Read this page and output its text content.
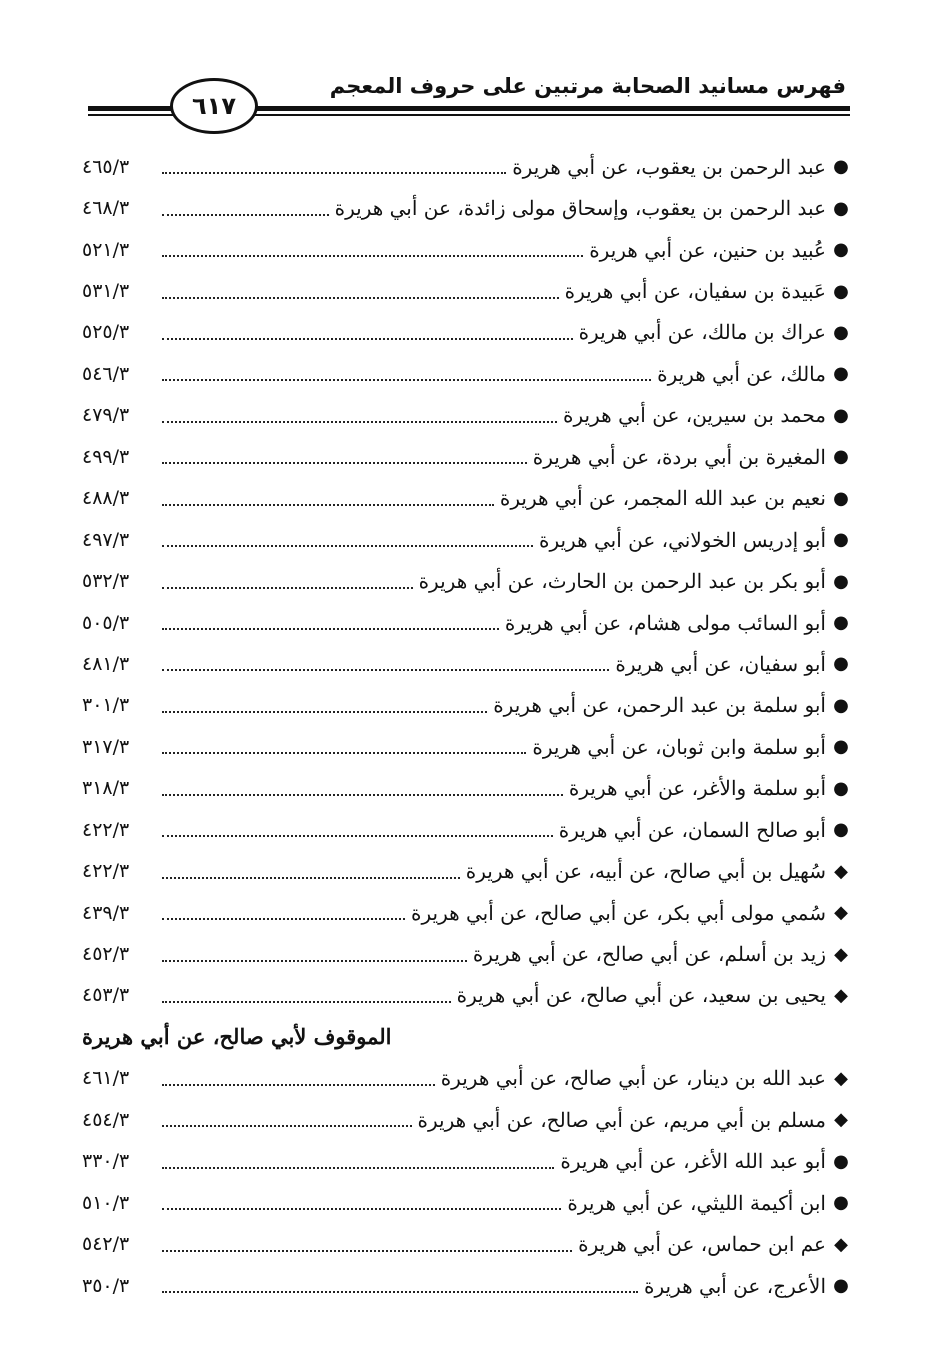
فهرس مسانيد الصحابة مرتبين على حروف المعجم
٦١٧
●
عبد الرحمن بن يعقوب، عن أبي هريرة
٤٦٥/٣
●
عبد الرحمن بن يعقوب، وإسحاق مولى زائدة، عن أبي هريرة
٤٦٨/٣
●
عُبيد بن حنين، عن أبي هريرة
٥٢١/٣
●
عَبيدة بن سفيان، عن أبي هريرة
٥٣١/٣
●
عراك بن مالك، عن أبي هريرة
٥٢٥/٣
●
مالك، عن أبي هريرة
٥٤٦/٣
●
محمد بن سيرين، عن أبي هريرة
٤٧٩/٣
●
المغيرة بن أبي بردة، عن أبي هريرة
٤٩٩/٣
●
نعيم بن عبد الله المجمر، عن أبي هريرة
٤٨٨/٣
●
أبو إدريس الخولاني، عن أبي هريرة
٤٩٧/٣
●
أبو بكر بن عبد الرحمن بن الحارث، عن أبي هريرة
٥٣٢/٣
●
أبو السائب مولى هشام، عن أبي هريرة
٥٠٥/٣
●
أبو سفيان، عن أبي هريرة
٤٨١/٣
●
أبو سلمة بن عبد الرحمن، عن أبي هريرة
٣٠١/٣
●
أبو سلمة وابن ثوبان، عن أبي هريرة
٣١٧/٣
●
أبو سلمة والأغر، عن أبي هريرة
٣١٨/٣
●
أبو صالح السمان، عن أبي هريرة
٤٢٢/٣
◆
سُهيل بن أبي صالح، عن أبيه، عن أبي هريرة
٤٢٢/٣
◆
سُمي مولى أبي بكر، عن أبي صالح، عن أبي هريرة
٤٣٩/٣
◆
زيد بن أسلم، عن أبي صالح، عن أبي هريرة
٤٥٢/٣
◆
يحيى بن سعيد، عن أبي صالح، عن أبي هريرة
٤٥٣/٣
الموقوف لأبي صالح، عن أبي هريرة
◆
عبد الله بن دينار، عن أبي صالح، عن أبي هريرة
٤٦١/٣
◆
مسلم بن أبي مريم، عن أبي صالح، عن أبي هريرة
٤٥٤/٣
●
أبو عبد الله الأغر، عن أبي هريرة
٣٣٠/٣
●
ابن أكيمة الليثي، عن أبي هريرة
٥١٠/٣
◆
عم ابن حماس، عن أبي هريرة
٥٤٢/٣
●
الأعرج، عن أبي هريرة
٣٥٠/٣
